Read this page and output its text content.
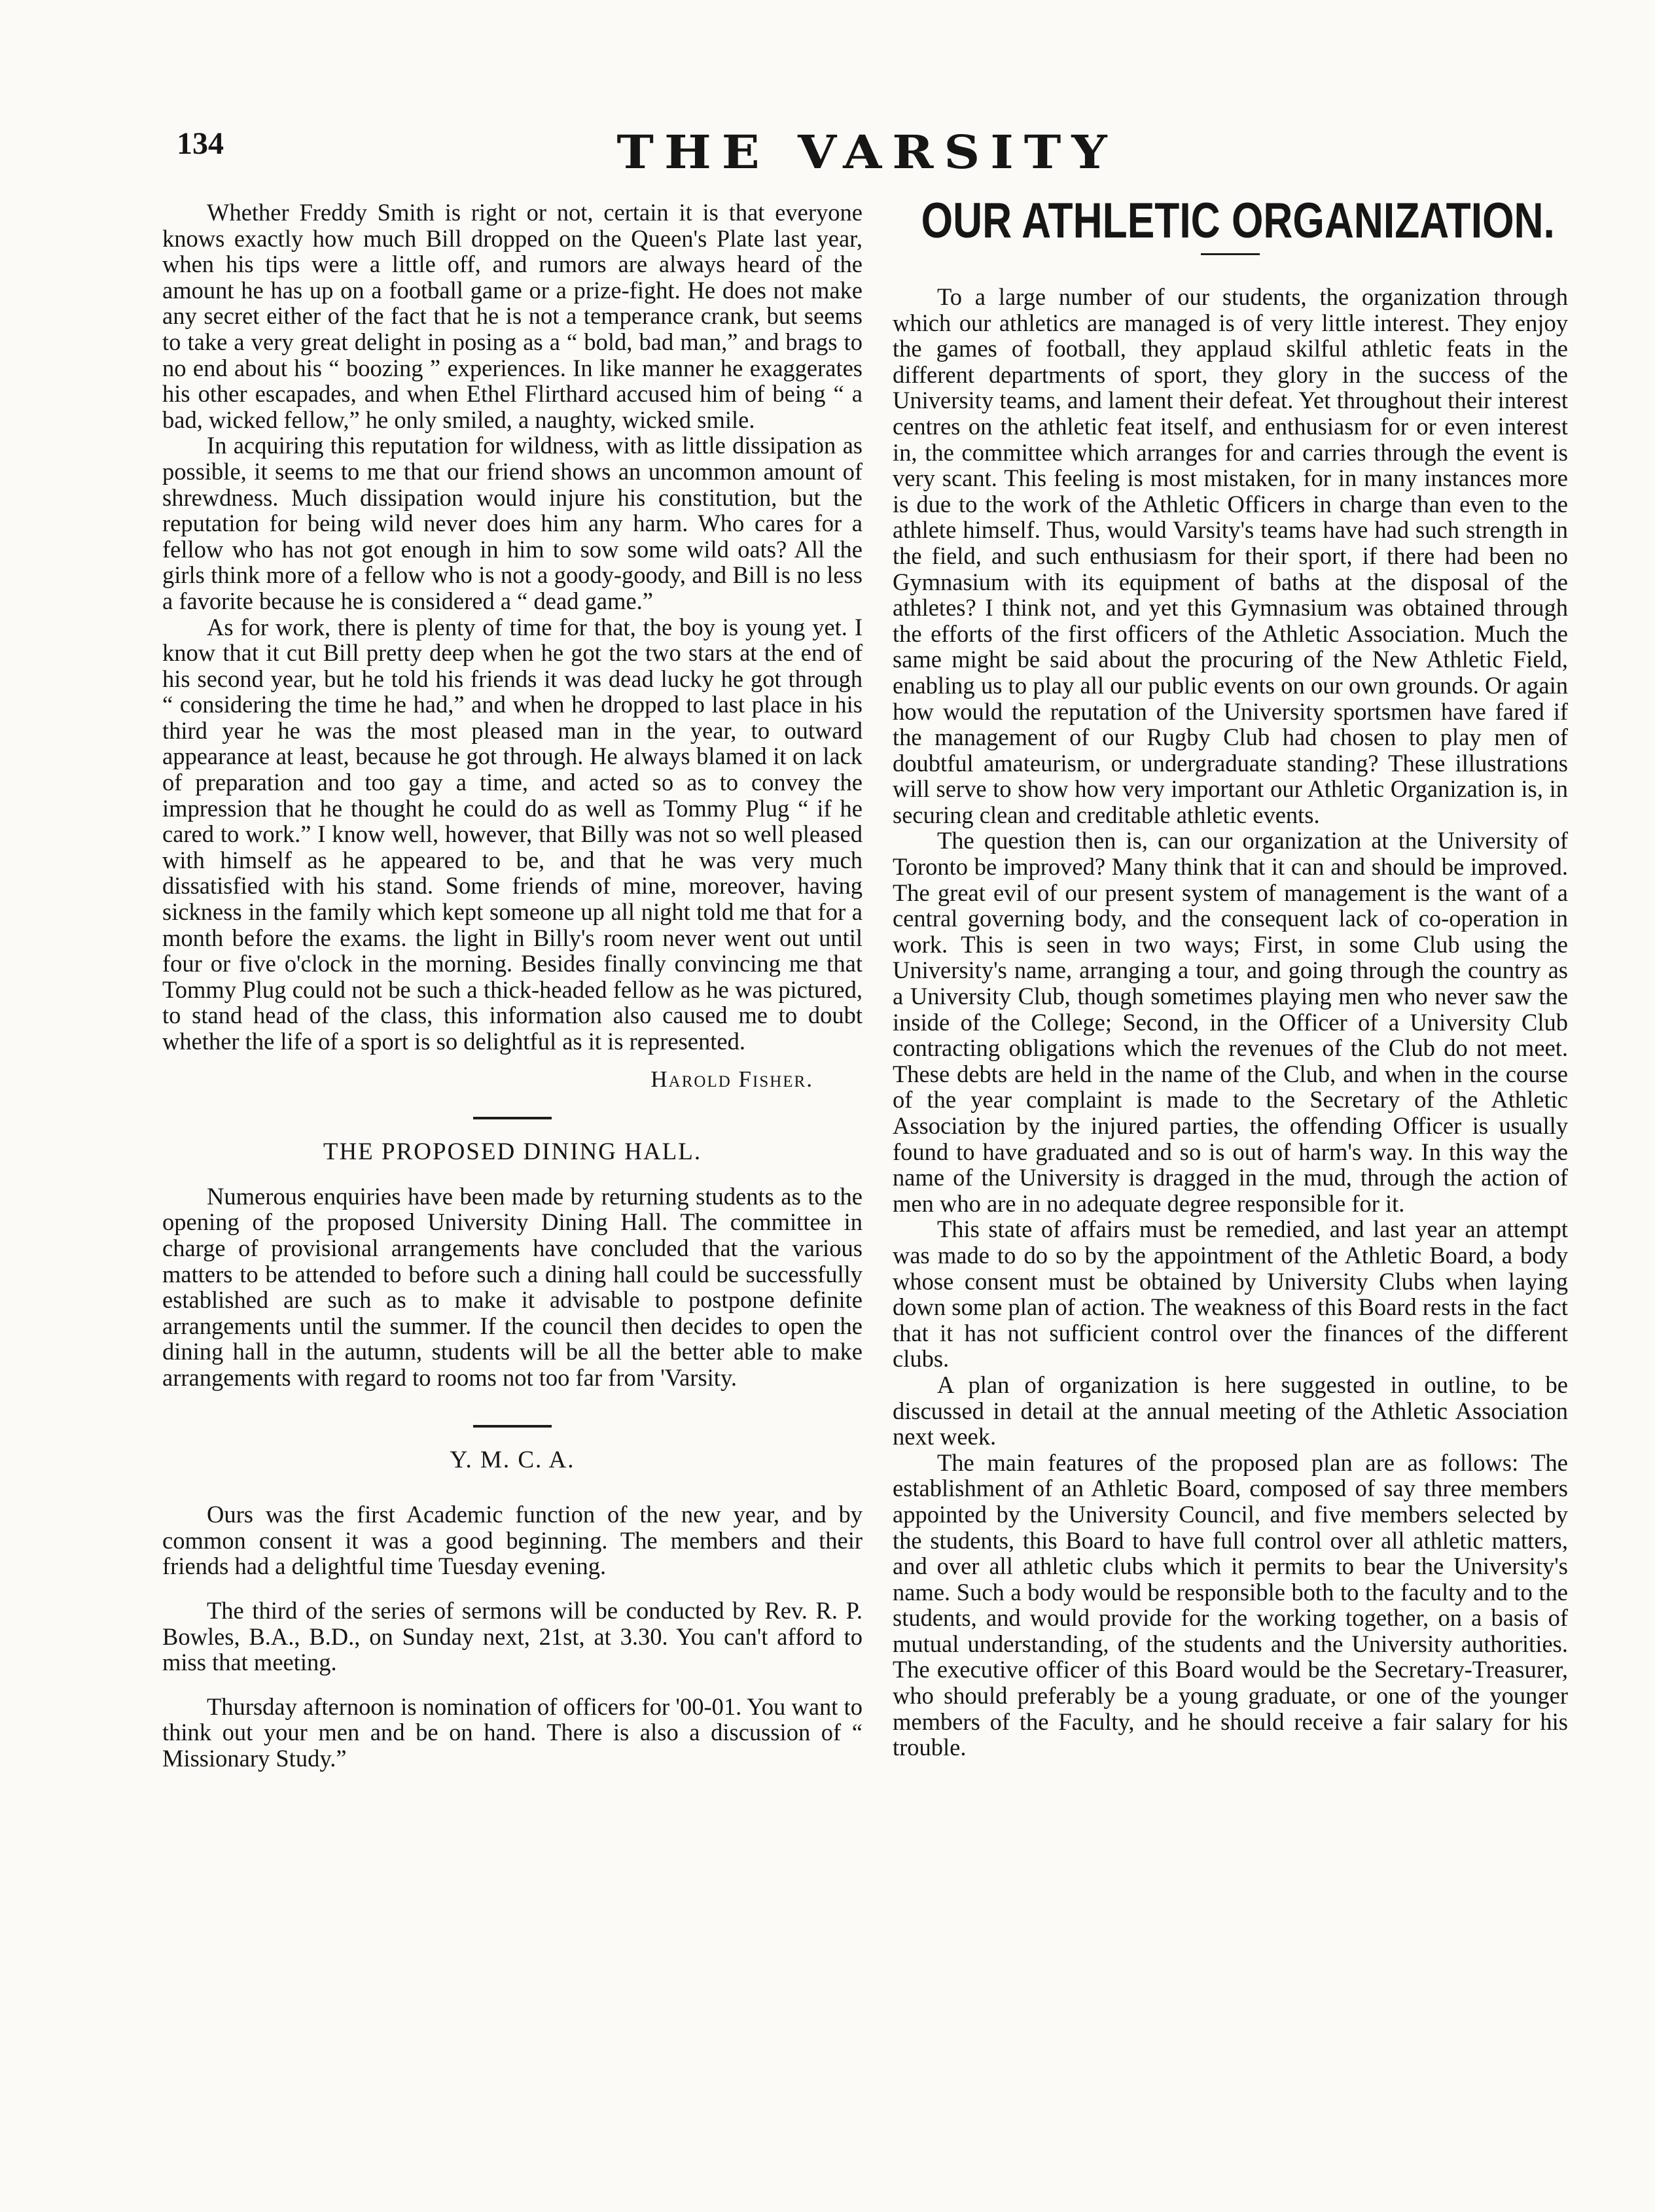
134	THE VARSITY

Whether Freddy Smith is right or not, certain it is that everyone knows exactly how much Bill dropped on the Queen's Plate last year, when his tips were a little off, and rumors are always heard of the amount he has up on a football game or a prize-fight. He does not make any secret either of the fact that he is not a temperance crank, but seems to take a very great delight in posing as a “ bold, bad man,” and brags to no end about his “ boozing ” experiences. In like manner he exaggerates his other escapades, and when Ethel Flirthard accused him of being “ a bad, wicked fellow,” he only smiled, a naughty, wicked smile.

In acquiring this reputation for wildness, with as little dissipation as possible, it seems to me that our friend shows an uncommon amount of shrewdness. Much dissipation would injure his constitution, but the reputation for being wild never does him any harm. Who cares for a fellow who has not got enough in him to sow some wild oats? All the girls think more of a fellow who is not a goody-goody, and Bill is no less a favorite because he is considered a “ dead game.”

As for work, there is plenty of time for that, the boy is young yet. I know that it cut Bill pretty deep when he got the two stars at the end of his second year, but he told his friends it was dead lucky he got through “ considering the time he had,” and when he dropped to last place in his third year he was the most pleased man in the year, to outward appearance at least, because he got through. He always blamed it on lack of preparation and too gay a time, and acted so as to convey the impression that he thought he could do as well as Tommy Plug “ if he cared to work.” I know well, however, that Billy was not so well pleased with himself as he appeared to be, and that he was very much dissatisfied with his stand. Some friends of mine, moreover, having sickness in the family which kept someone up all night told me that for a month before the exams. the light in Billy's room never went out until four or five o'clock in the morning. Besides finally convincing me that Tommy Plug could not be such a thick-headed fellow as he was pictured, to stand head of the class, this information also caused me to doubt whether the life of a sport is so delightful as it is represented.

Harold Fisher.
THE PROPOSED DINING HALL.

Numerous enquiries have been made by returning students as to the opening of the proposed University Dining Hall. The committee in charge of provisional arrangements have concluded that the various matters to be attended to before such a dining hall could be successfully established are such as to make it advisable to postpone definite arrangements until the summer. If the council then decides to open the dining hall in the autumn, students will be all the better able to make arrangements with regard to rooms not too far from 'Varsity.

Y. M. C. A.

Ours was the first Academic function of the new year, and by common consent it was a good beginning. The members and their friends had a delightful time Tuesday evening.

The third of the series of sermons will be conducted by Rev. R. P. Bowles, B.A., B.D., on Sunday next, 21st, at 3.30. You can't afford to miss that meeting.

Thursday afternoon is nomination of officers for '00-01. You want to think out your men and be on hand. There is also a discussion of “ Missionary Study.”

OUR ATHLETIC ORGANIZATION.

To a large number of our students, the organization through which our athletics are managed is of very little interest. They enjoy the games of football, they applaud skilful athletic feats in the different departments of sport, they glory in the success of the University teams, and lament their defeat. Yet throughout their interest centres on the athletic feat itself, and enthusiasm for or even interest in, the committee which arranges for and carries through the event is very scant. This feeling is most mistaken, for in many instances more is due to the work of the Athletic Officers in charge than even to the athlete himself. Thus, would Varsity's teams have had such strength in the field, and such enthusiasm for their sport, if there had been no Gymnasium with its equipment of baths at the disposal of the athletes? I think not, and yet this Gymnasium was obtained through the efforts of the first officers of the Athletic Association. Much the same might be said about the procuring of the New Athletic Field, enabling us to play all our public events on our own grounds. Or again how would the reputation of the University sportsmen have fared if the management of our Rugby Club had chosen to play men of doubtful amateurism, or undergraduate standing? These illustrations will serve to show how very important our Athletic Organization is, in securing clean and creditable athletic events.

The question then is, can our organization at the University of Toronto be improved? Many think that it can and should be improved. The great evil of our present system of management is the want of a central governing body, and the consequent lack of co-operation in work. This is seen in two ways; First, in some Club using the University's name, arranging a tour, and going through the country as a University Club, though sometimes playing men who never saw the inside of the College; Second, in the Officer of a University Club contracting obligations which the revenues of the Club do not meet. These debts are held in the name of the Club, and when in the course of the year complaint is made to the Secretary of the Athletic Association by the injured parties, the offending Officer is usually found to have graduated and so is out of harm's way. In this way the name of the University is dragged in the mud, through the action of men who are in no adequate degree responsible for it.

This state of affairs must be remedied, and last year an attempt was made to do so by the appointment of the Athletic Board, a body whose consent must be obtained by University Clubs when laying down some plan of action. The weakness of this Board rests in the fact that it has not sufficient control over the finances of the different clubs.

A plan of organization is here suggested in outline, to be discussed in detail at the annual meeting of the Athletic Association next week.

The main features of the proposed plan are as follows: The establishment of an Athletic Board, composed of say three members appointed by the University Council, and five members selected by the students, this Board to have full control over all athletic matters, and over all athletic clubs which it permits to bear the University's name. Such a body would be responsible both to the faculty and to the students, and would provide for the working together, on a basis of mutual understanding, of the students and the University authorities. The executive officer of this Board would be the Secretary-Treasurer, who should preferably be a young graduate, or one of the younger members of the Faculty, and he should receive a fair salary for his trouble.
